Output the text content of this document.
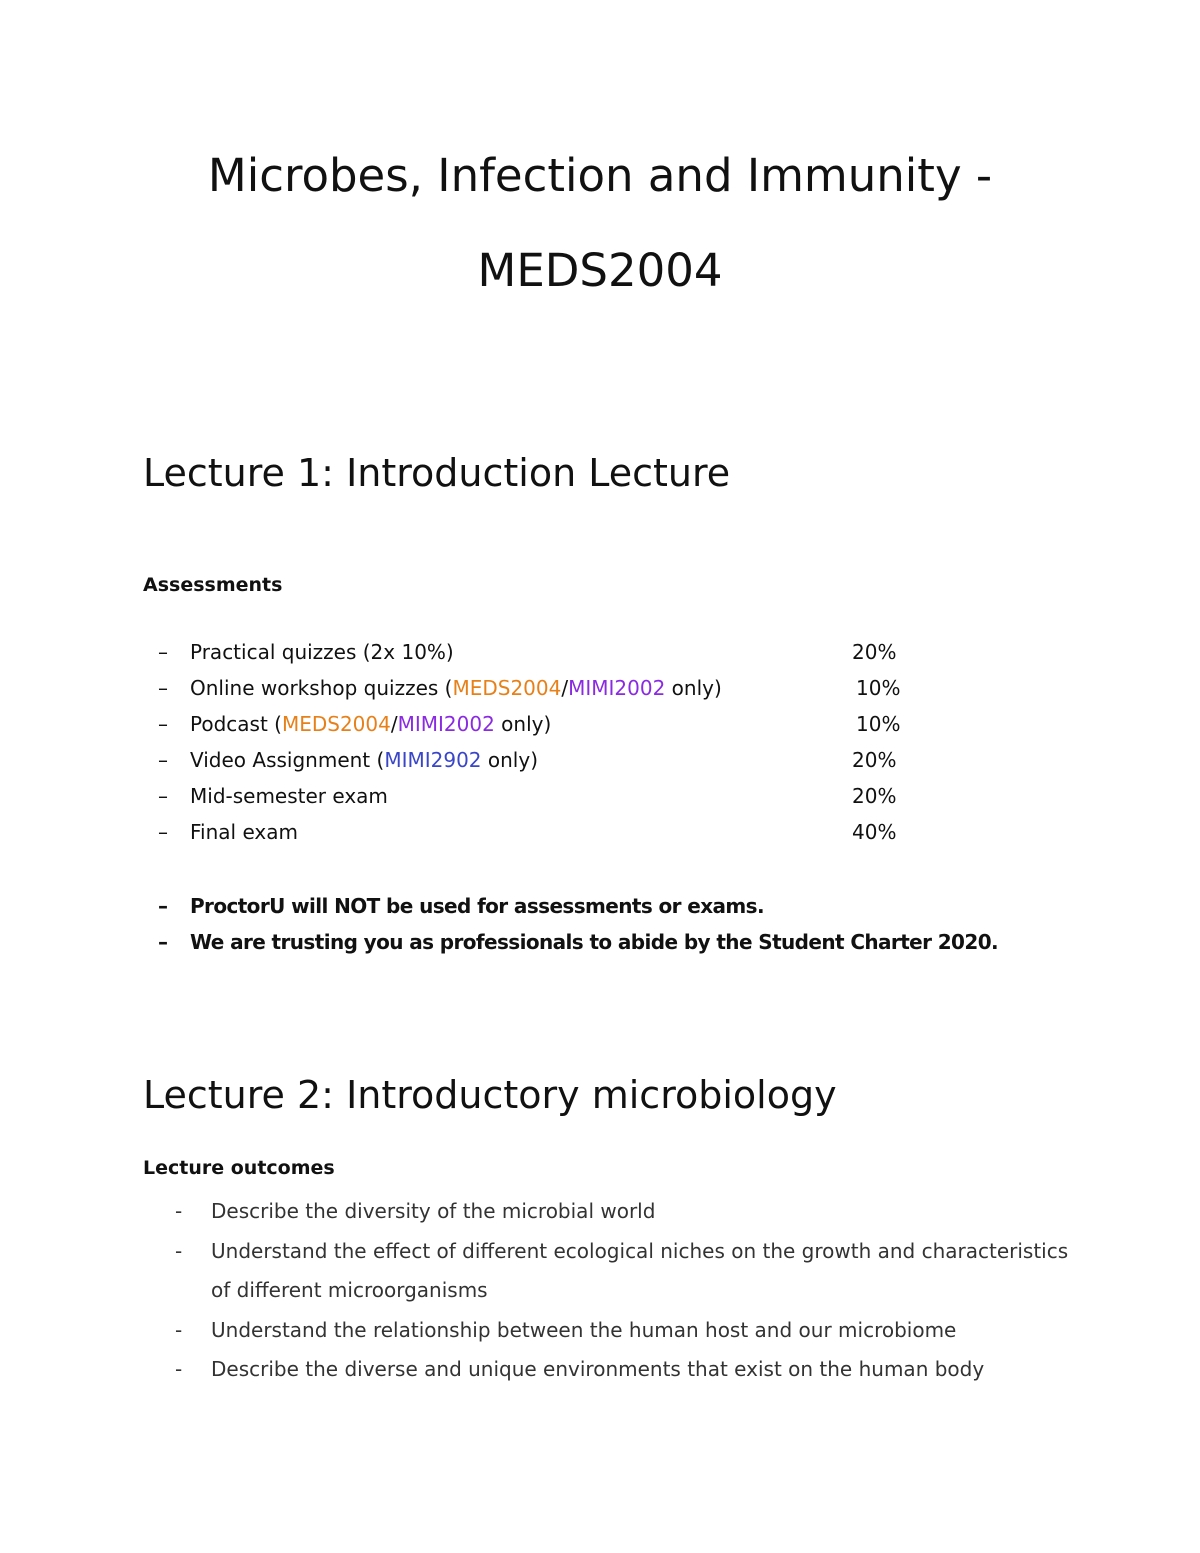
Microbes, Infection and Immunity -
MEDS2004
Lecture 1: Introduction Lecture
Assessments
– Practical quizzes (2x 10%)	20%
– Online workshop quizzes (MEDS2004/MIMI2002 only)	10%
– Podcast (MEDS2004/MIMI2002 only)	10%
– Video Assignment (MIMI2902 only)	20%
– Mid-semester exam	20%
– Final exam	40%
– ProctorU will NOT be used for assessments or exams.
– We are trusting you as professionals to abide by the Student Charter 2020.
Lecture 2: Introductory microbiology
Lecture outcomes
- Describe the diversity of the microbial world
- Understand the effect of different ecological niches on the growth and characteristics of different microorganisms
- Understand the relationship between the human host and our microbiome
- Describe the diverse and unique environments that exist on the human body
